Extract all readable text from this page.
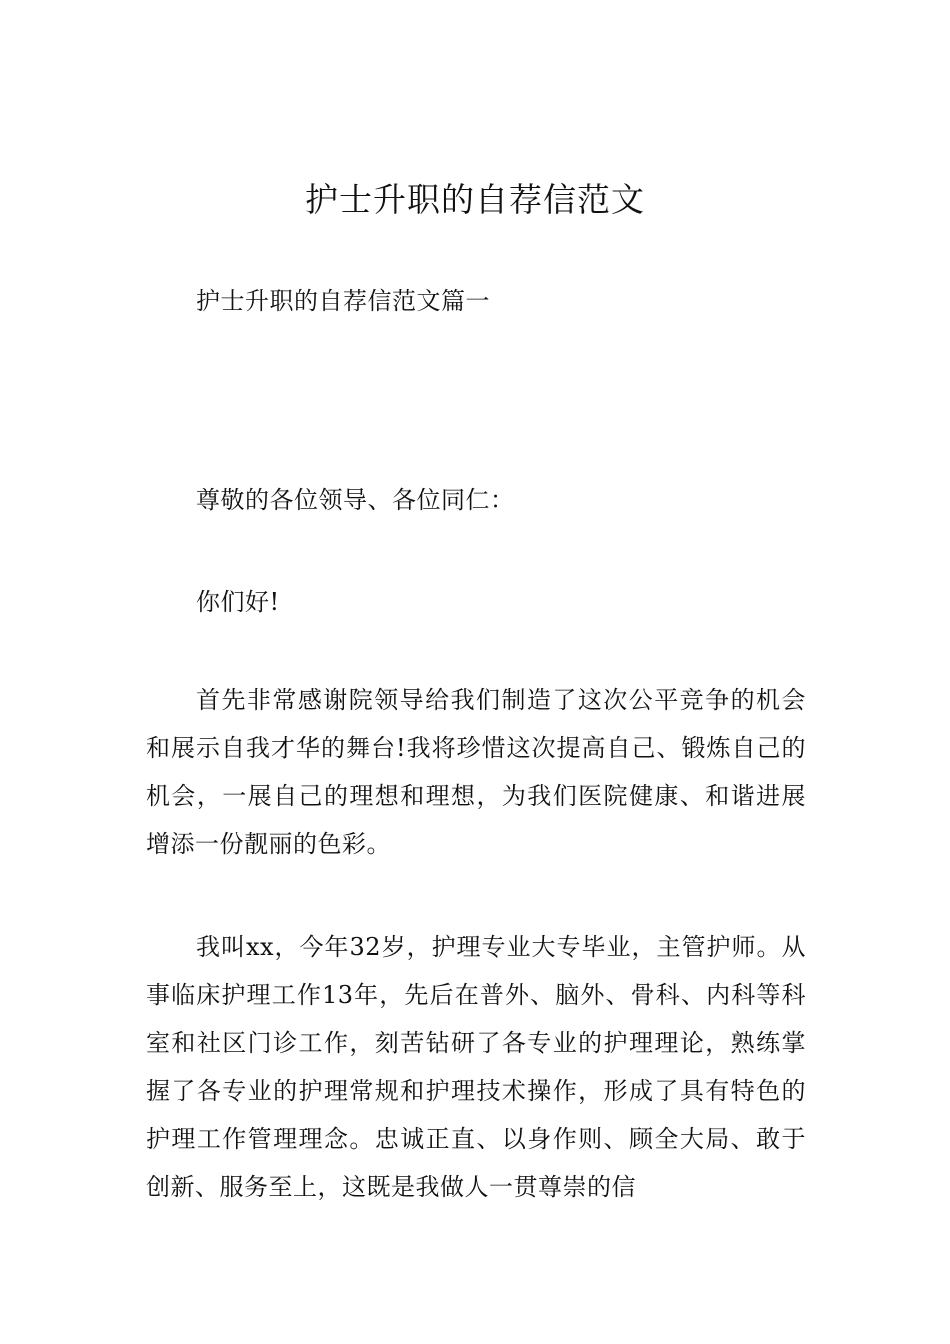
护士升职的自荐信范文

护士升职的自荐信范文篇一

尊敬的各位领导、各位同仁：

你们好!

首先非常感谢院领导给我们制造了这次公平竞争的机会和展示自我才华的舞台!我将珍惜这次提高自己、锻炼自己的机会，一展自己的理想和理想，为我们医院健康、和谐进展增添一份靓丽的色彩。

我叫xx，今年32岁，护理专业大专毕业，主管护师。从事临床护理工作13年，先后在普外、脑外、骨科、内科等科室和社区门诊工作，刻苦钻研了各专业的护理理论，熟练掌握了各专业的护理常规和护理技术操作，形成了具有特色的护理工作管理理念。忠诚正直、以身作则、顾全大局、敢于创新、服务至上，这既是我做人一贯尊崇的信
